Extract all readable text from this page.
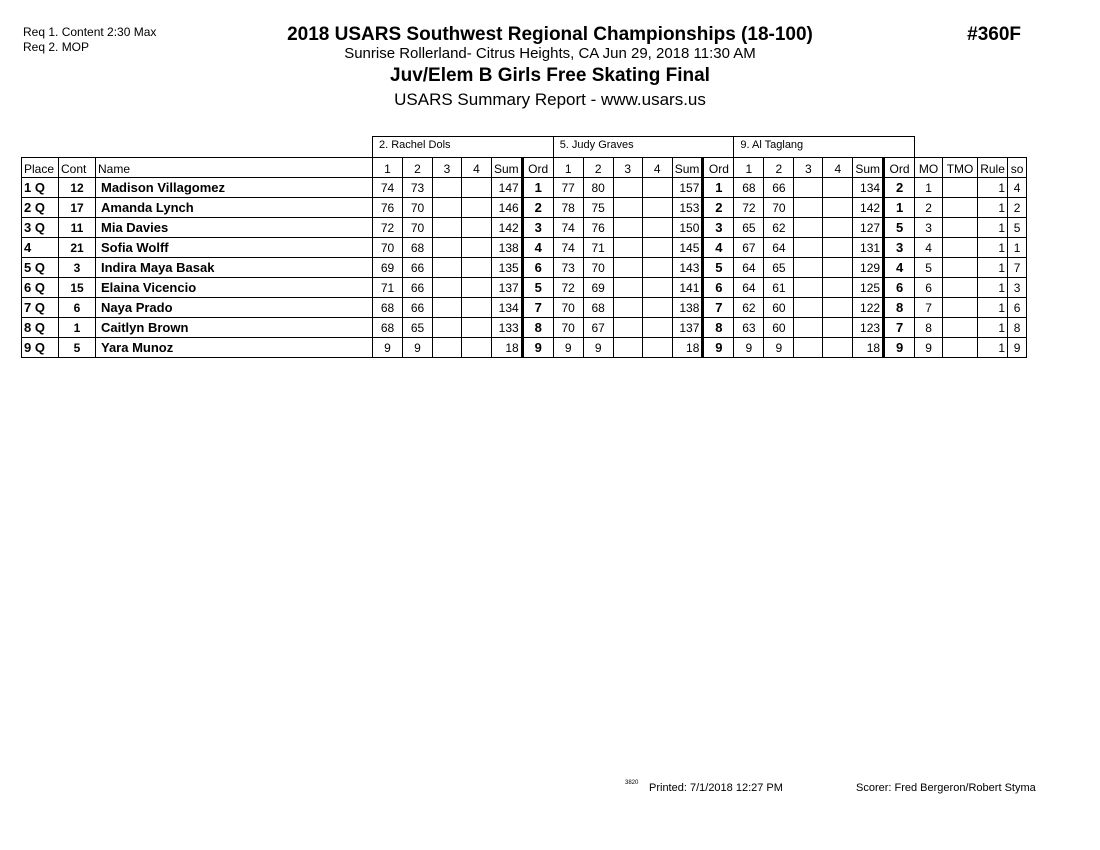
Req 1. Content 2:30 Max
Req 2. MOP
2018 USARS Southwest Regional Championships (18-100)
Sunrise Rollerland- Citrus Heights, CA Jun 29, 2018 11:30 AM
Juv/Elem B Girls Free Skating Final
USARS Summary Report - www.usars.us
#360F
			2. Rachel Dols						5. Judy Graves						9. Al Taglang									
Place	Cont	Name	1	2	3	4	Sum	Ord	1	2	3	4	Sum	Ord	1	2	3	4	Sum	Ord	MO	TMO	Rule	so
1 Q	12	Madison Villagomez	74	73			147	1	77	80			157	1	68	66			134	2	1		1	4
2 Q	17	Amanda Lynch	76	70			146	2	78	75			153	2	72	70			142	1	2		1	2
3 Q	11	Mia Davies	72	70			142	3	74	76			150	3	65	62			127	5	3		1	5
4	21	Sofia Wolff	70	68			138	4	74	71			145	4	67	64			131	3	4		1	1
5 Q	3	Indira Maya Basak	69	66			135	6	73	70			143	5	64	65			129	4	5		1	7
6 Q	15	Elaina Vicencio	71	66			137	5	72	69			141	6	64	61			125	6	6		1	3
7 Q	6	Naya Prado	68	66			134	7	70	68			138	7	62	60			122	8	7		1	6
8 Q	1	Caitlyn Brown	68	65			133	8	70	67			137	8	63	60			123	7	8		1	8
9 Q	5	Yara Munoz	9	9			18	9	9	9			18	9	9	9			18	9	9		1	9
3820 Printed: 7/1/2018 12:27 PM	Scorer: Fred Bergeron/Robert Styma
